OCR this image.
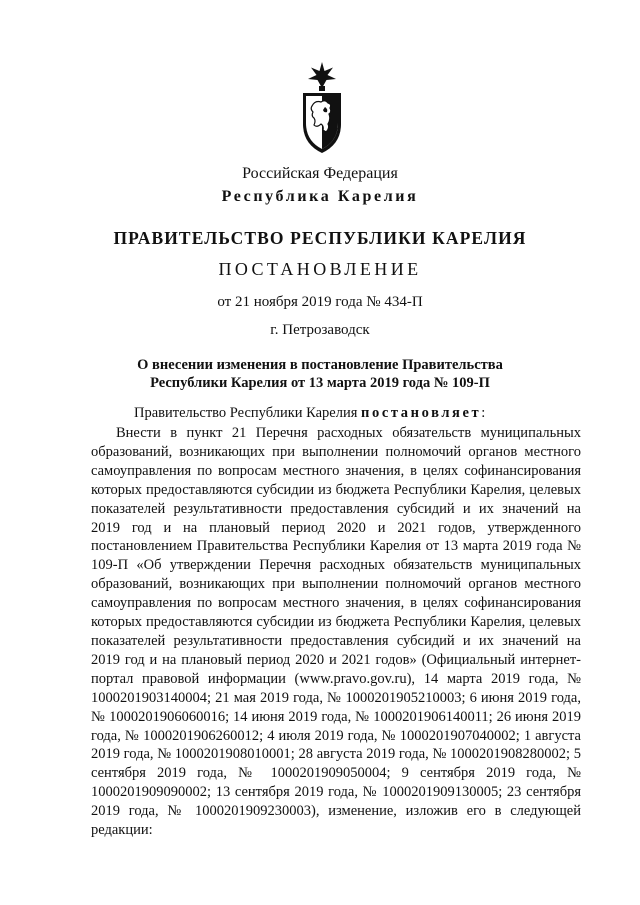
Российская Федерация
Республика Карелия
ПРАВИТЕЛЬСТВО РЕСПУБЛИКИ КАРЕЛИЯ
ПОСТАНОВЛЕНИЕ
от 21 ноября 2019 года № 434-П
г. Петрозаводск
О внесении изменения в постановление Правительства
Республики Карелия от 13 марта 2019 года № 109-П
Правительство Республики Карелия постановляет:

Внести в пункт 21 Перечня расходных обязательств муниципальных образований, возникающих при выполнении полномочий органов местного самоуправления по вопросам местного значения, в целях софинансирования которых предоставляются субсидии из бюджета Республики Карелия, целевых показателей результативности предоставления субсидий и их значений на 2019 год и на плановый период 2020 и 2021 годов, утвержденного постановлением Правительства Республики Карелия от 13 марта 2019 года № 109-П «Об утверждении Перечня расходных обязательств муниципальных образований, возникающих при выполнении полномочий органов местного самоуправления по вопросам местного значения, в целях софинансирования которых предоставляются субсидии из бюджета Республики Карелия, целевых показателей результативности предоставления субсидий и их значений на 2019 год и на плановый период 2020 и 2021 годов» (Официальный интернет-портал правовой информации (www.pravo.gov.ru), 14 марта 2019 года, № 1000201903140004; 21 мая 2019 года, № 1000201905210003; 6 июня 2019 года, № 1000201906060016; 14 июня 2019 года, № 1000201906140011; 26 июня 2019 года, № 1000201906260012; 4 июля 2019 года, № 1000201907040002; 1 августа 2019 года, № 1000201908010001; 28 августа 2019 года, № 1000201908280002; 5 сентября 2019 года, № 1000201909050004; 9 сентября 2019 года, № 1000201909090002; 13 сентября 2019 года, № 1000201909130005; 23 сентября 2019 года, № 1000201909230003), изменение, изложив его в следующей редакции:
